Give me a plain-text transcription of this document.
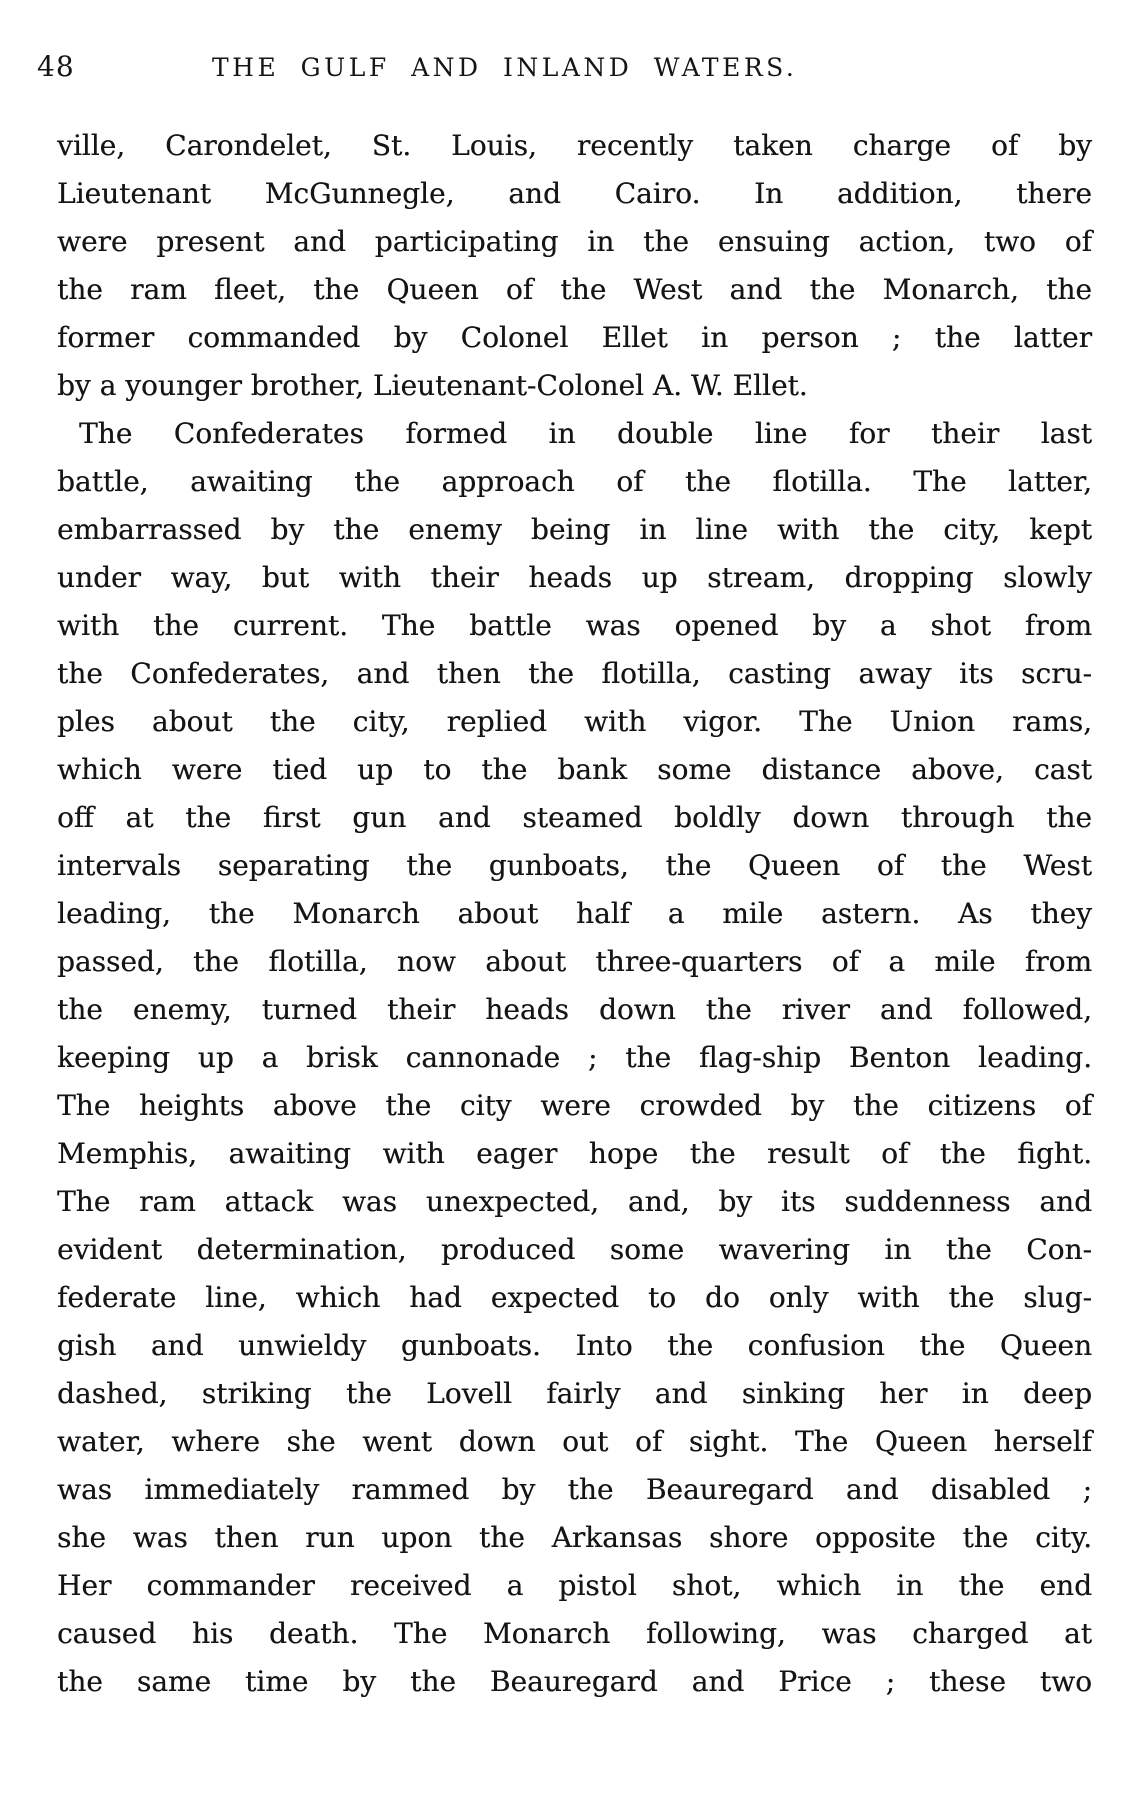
48	THE GULF AND INLAND WATERS.
ville, Carondelet, St. Louis, recently taken charge of by
Lieutenant McGunnegle, and Cairo. In addition, there
were present and participating in the ensuing action, two of
the ram fleet, the Queen of the West and the Monarch, the
former commanded by Colonel Ellet in person ; the latter
by a younger brother, Lieutenant-Colonel A. W. Ellet.
The Confederates formed in double line for their last
battle, awaiting the approach of the flotilla. The latter,
embarrassed by the enemy being in line with the city, kept
under way, but with their heads up stream, dropping slowly
with the current. The battle was opened by a shot from
the Confederates, and then the flotilla, casting away its scru-
ples about the city, replied with vigor. The Union rams,
which were tied up to the bank some distance above, cast
off at the first gun and steamed boldly down through the
intervals separating the gunboats, the Queen of the West
leading, the Monarch about half a mile astern. As they
passed, the flotilla, now about three-quarters of a mile from
the enemy, turned their heads down the river and followed,
keeping up a brisk cannonade ; the flag-ship Benton leading.
The heights above the city were crowded by the citizens of
Memphis, awaiting with eager hope the result of the fight.
The ram attack was unexpected, and, by its suddenness and
evident determination, produced some wavering in the Con-
federate line, which had expected to do only with the slug-
gish and unwieldy gunboats. Into the confusion the Queen
dashed, striking the Lovell fairly and sinking her in deep
water, where she went down out of sight. The Queen herself
was immediately rammed by the Beauregard and disabled ;
she was then run upon the Arkansas shore opposite the city.
Her commander received a pistol shot, which in the end
caused his death. The Monarch following, was charged at
the same time by the Beauregard and Price ; these two
